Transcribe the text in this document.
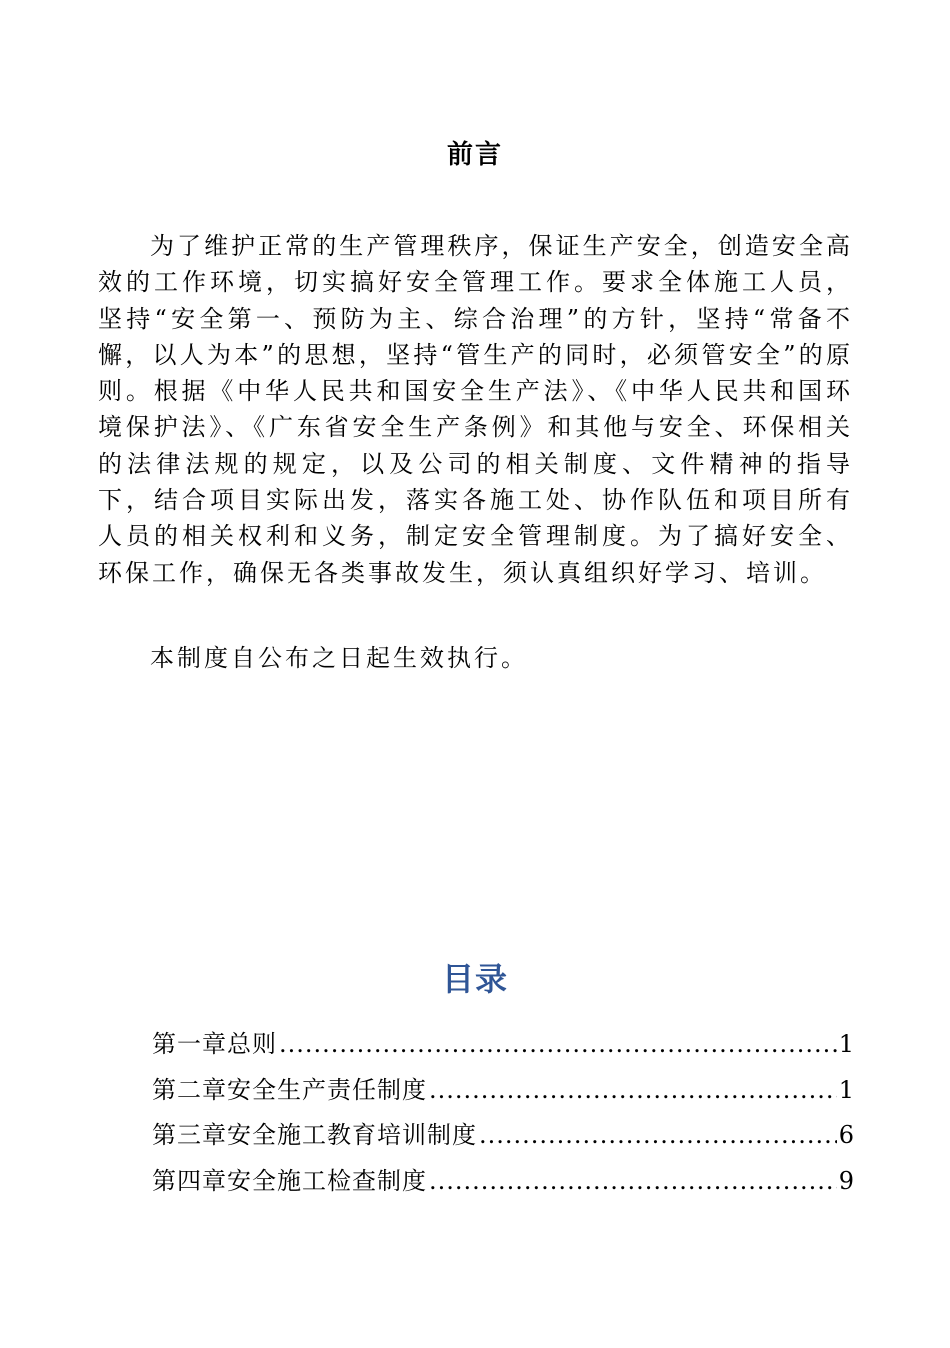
前言

为了维护正常的生产管理秩序，保证生产安全，创造安全高效的工作环境，切实搞好安全管理工作。要求全体施工人员，坚持“安全第一、预防为主、综合治理”的方针，坚持“常备不懈，以人为本”的思想，坚持“管生产的同时，必须管安全”的原则。根据《中华人民共和国安全生产法》、《中华人民共和国环境保护法》、《广东省安全生产条例》和其他与安全、环保相关的法律法规的规定，以及公司的相关制度、文件精神的指导下，结合项目实际出发，落实各施工处、协作队伍和项目所有人员的相关权利和义务，制定安全管理制度。为了搞好安全、环保工作，确保无各类事故发生，须认真组织好学习、培训。

本制度自公布之日起生效执行。

目录
第一章总则 .....	1
第二章安全生产责任制度 .....	1
第三章安全施工教育培训制度 .....	6
第四章安全施工检查制度 .....	9
